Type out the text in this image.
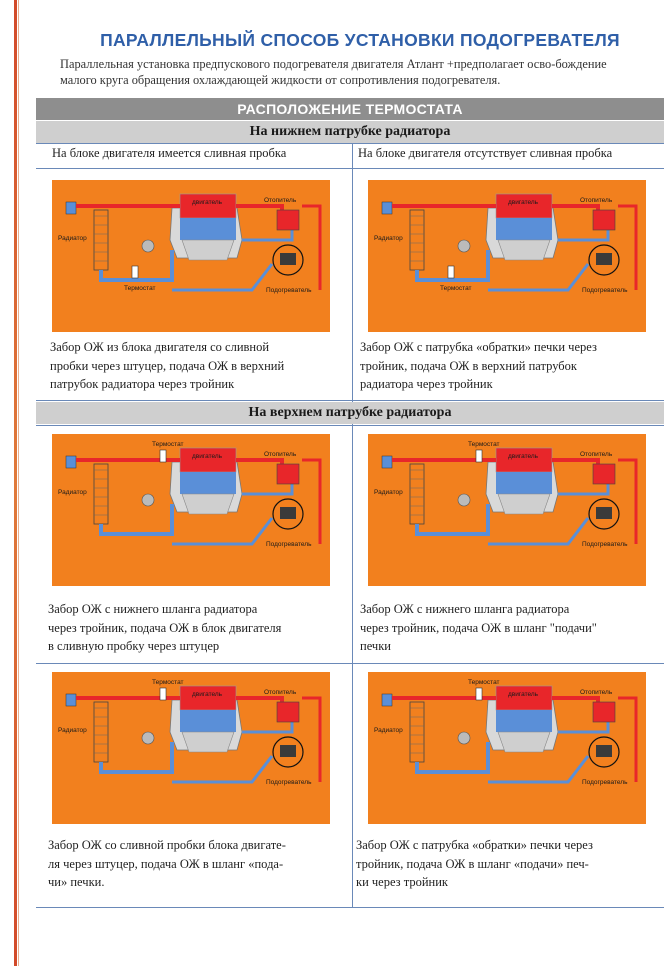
ПАРАЛЛЕЛЬНЫЙ СПОСОБ УСТАНОВКИ ПОДОГРЕВАТЕЛЯ
Параллельная установка предпускового подогревателя двигателя Атлант +предполагает осво-бождение малого круга обращения охлаждающей жидкости от сопротивления подогревателя.
РАСПОЛОЖЕНИЕ ТЕРМОСТАТА
На нижнем патрубке радиатора
На блоке двигателя имеется сливная пробка	На блоке двигателя отсутствует сливная пробка
На верхнем патрубке радиатора
двигатель
Радиатор
Отопитель
Подогреватель
Термостат
двигатель
Радиатор
Отопитель
Подогреватель
Термостат
двигатель
Радиатор
Отопитель
Подогреватель
Термостат
двигатель
Радиатор
Отопитель
Подогреватель
Термостат
двигатель
Радиатор
Отопитель
Подогреватель
Термостат
двигатель
Радиатор
Отопитель
Подогреватель
Термостат
Забор ОЖ из блока двигателя со сливной
пробки через штуцер, подача ОЖ в верхний
патрубок радиатора через тройник
Забор ОЖ с патрубка «обратки» печки через
тройник, подача ОЖ в верхний патрубок
радиатора через тройник
Забор ОЖ с нижнего шланга радиатора
через тройник, подача ОЖ в блок двигателя
в сливную пробку через штуцер
Забор ОЖ с нижнего шланга радиатора
через тройник, подача ОЖ в шланг "подачи"
печки
Забор ОЖ со сливной пробки блока двигате-
ля через штуцер, подача ОЖ в шланг «пода-
чи» печки.
Забор ОЖ с патрубка «обратки» печки через
тройник, подача ОЖ в шланг «подачи» печ-
ки через тройник
